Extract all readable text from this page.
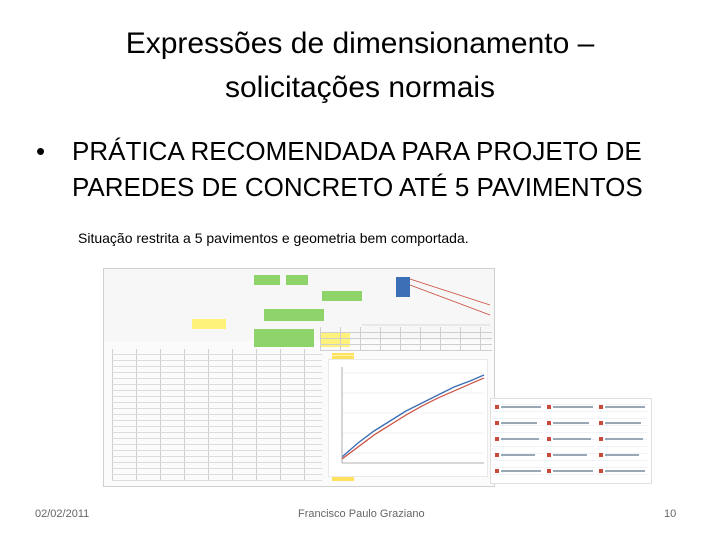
Expressões de dimensionamento –
solicitações normais
• PRÁTICA RECOMENDADA PARA PROJETO DE PAREDES DE CONCRETO ATÉ 5 PAVIMENTOS
Situação restrita a 5 pavimentos e geometria bem comportada.
02/02/2011	Francisco Paulo Graziano	10
